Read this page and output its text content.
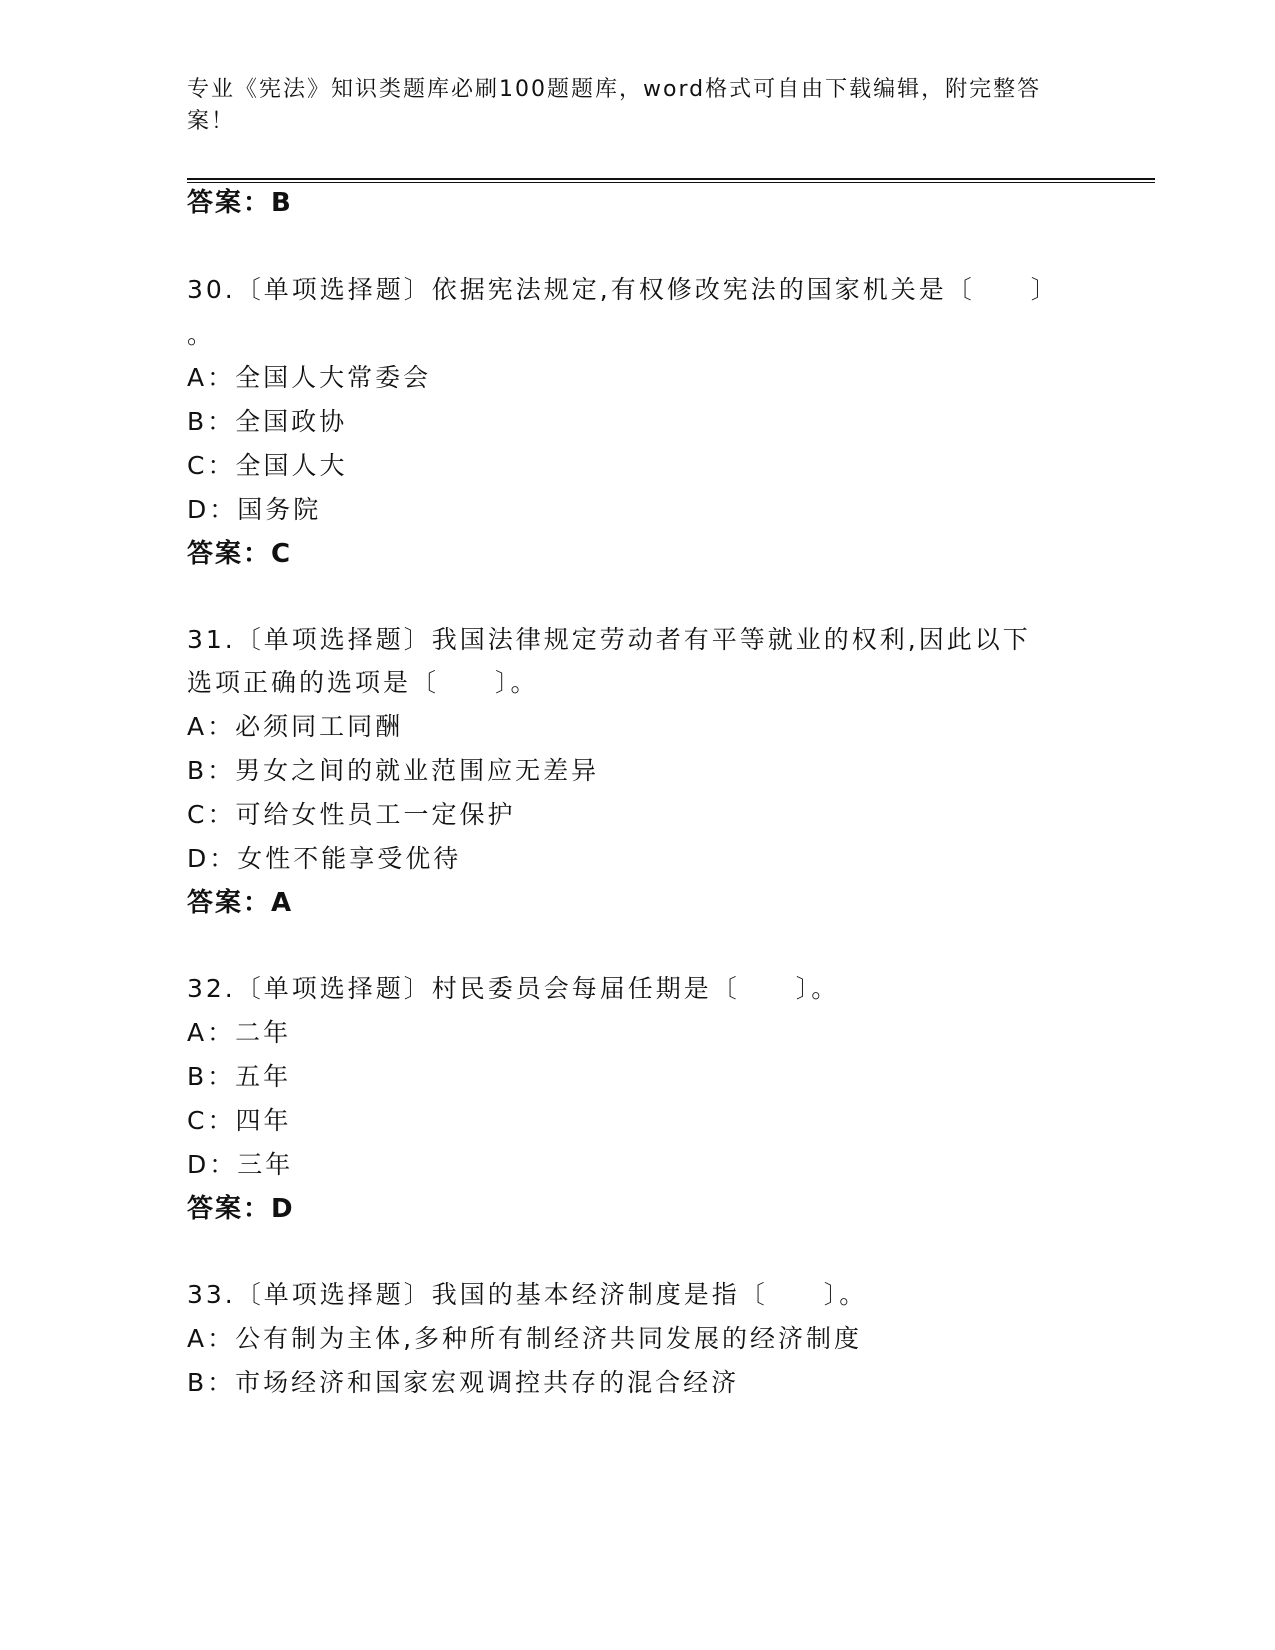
专业《宪法》知识类题库必刷100题题库，word格式可自由下载编辑，附完整答案！
答案：B
30.〔单项选择题〕依据宪法规定,有权修改宪法的国家机关是〔　　〕
。
A：全国人大常委会
B：全国政协
C：全国人大
D：国务院
答案：C
31.〔单项选择题〕我国法律规定劳动者有平等就业的权利,因此以下
选项正确的选项是〔　　〕。
A：必须同工同酬
B：男女之间的就业范围应无差异
C：可给女性员工一定保护
D：女性不能享受优待
答案：A
32.〔单项选择题〕村民委员会每届任期是〔　　〕。
A：二年
B：五年
C：四年
D：三年
答案：D
33.〔单项选择题〕我国的基本经济制度是指〔　　〕。
A：公有制为主体,多种所有制经济共同发展的经济制度
B：市场经济和国家宏观调控共存的混合经济
